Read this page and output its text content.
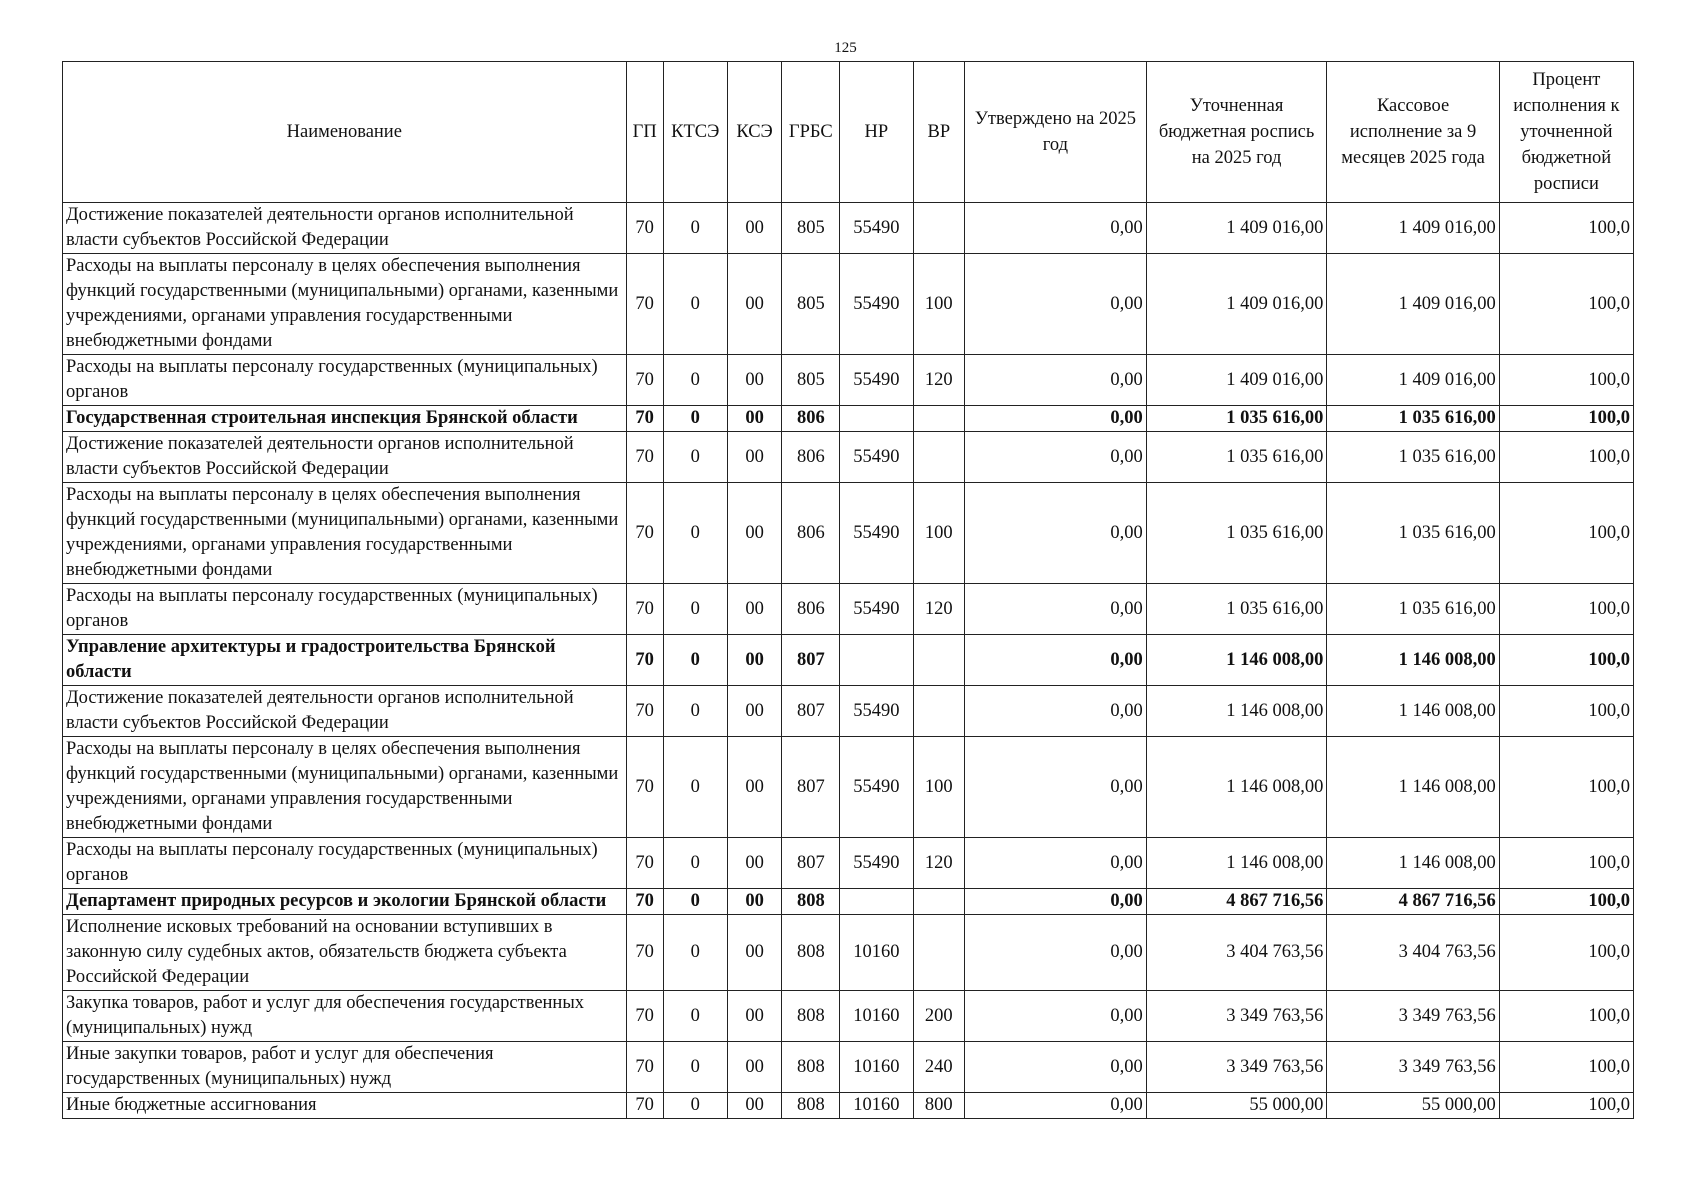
125
Наименование	ГП	КТСЭ	КСЭ	ГРБС	НР	ВР	Утверждено на 2025 год	Уточненная бюджетная роспись на 2025 год	Кассовое исполнение за 9 месяцев 2025 года	Процент исполнения к уточненной бюджетной росписи
Достижение показателей деятельности органов исполнительной власти субъектов Российской Федерации	70	0	00	805	55490		0,00	1 409 016,00	1 409 016,00	100,0
Расходы на выплаты персоналу в целях обеспечения выполнения функций государственными (муниципальными) органами, казенными учреждениями, органами управления государственными внебюджетными фондами	70	0	00	805	55490	100	0,00	1 409 016,00	1 409 016,00	100,0
Расходы на выплаты персоналу государственных (муниципальных) органов	70	0	00	805	55490	120	0,00	1 409 016,00	1 409 016,00	100,0
Государственная строительная инспекция Брянской области	70	0	00	806			0,00	1 035 616,00	1 035 616,00	100,0
Достижение показателей деятельности органов исполнительной власти субъектов Российской Федерации	70	0	00	806	55490		0,00	1 035 616,00	1 035 616,00	100,0
Расходы на выплаты персоналу в целях обеспечения выполнения функций государственными (муниципальными) органами, казенными учреждениями, органами управления государственными внебюджетными фондами	70	0	00	806	55490	100	0,00	1 035 616,00	1 035 616,00	100,0
Расходы на выплаты персоналу государственных (муниципальных) органов	70	0	00	806	55490	120	0,00	1 035 616,00	1 035 616,00	100,0
Управление архитектуры и градостроительства Брянской области	70	0	00	807			0,00	1 146 008,00	1 146 008,00	100,0
Достижение показателей деятельности органов исполнительной власти субъектов Российской Федерации	70	0	00	807	55490		0,00	1 146 008,00	1 146 008,00	100,0
Расходы на выплаты персоналу в целях обеспечения выполнения функций государственными (муниципальными) органами, казенными учреждениями, органами управления государственными внебюджетными фондами	70	0	00	807	55490	100	0,00	1 146 008,00	1 146 008,00	100,0
Расходы на выплаты персоналу государственных (муниципальных) органов	70	0	00	807	55490	120	0,00	1 146 008,00	1 146 008,00	100,0
Департамент природных ресурсов и экологии Брянской области	70	0	00	808			0,00	4 867 716,56	4 867 716,56	100,0
Исполнение исковых требований на основании вступивших в законную силу судебных актов, обязательств бюджета субъекта Российской Федерации	70	0	00	808	10160		0,00	3 404 763,56	3 404 763,56	100,0
Закупка товаров, работ и услуг для обеспечения государственных (муниципальных) нужд	70	0	00	808	10160	200	0,00	3 349 763,56	3 349 763,56	100,0
Иные закупки товаров, работ и услуг для обеспечения государственных (муниципальных) нужд	70	0	00	808	10160	240	0,00	3 349 763,56	3 349 763,56	100,0
Иные бюджетные ассигнования	70	0	00	808	10160	800	0,00	55 000,00	55 000,00	100,0
